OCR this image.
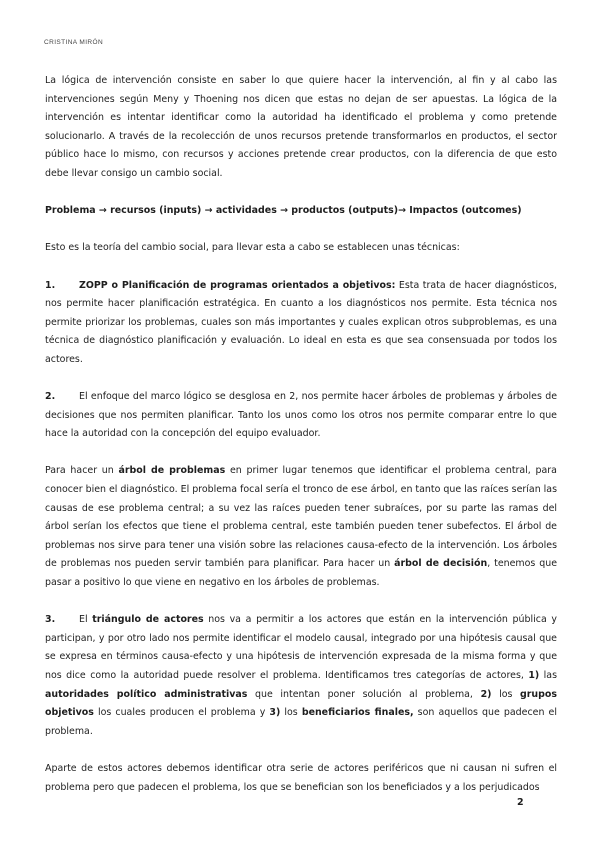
CRISTINA MIRÓN

La lógica de intervención consiste en saber lo que quiere hacer la intervención, al fin y al cabo las intervenciones según Meny y Thoening nos dicen que estas no dejan de ser apuestas. La lógica de la intervención es intentar identificar como la autoridad ha identificado el problema y como pretende solucionarlo. A través de la recolección de unos recursos pretende transformarlos en productos, el sector público hace lo mismo, con recursos y acciones pretende crear productos, con la diferencia de que esto debe llevar consigo un cambio social.

Problema → recursos (inputs) → actividades → productos (outputs)→ Impactos (outcomes)

Esto es la teoría del cambio social, para llevar esta a cabo se establecen unas técnicas:

1.	ZOPP o Planificación de programas orientados a objetivos: Esta trata de hacer diagnósticos, nos permite hacer planificación estratégica. En cuanto a los diagnósticos nos permite. Esta técnica nos permite priorizar los problemas, cuales son más importantes y cuales explican otros subproblemas, es una técnica de diagnóstico planificación y evaluación. Lo ideal en esta es que sea consensuada por todos los actores.

2.	El enfoque del marco lógico se desglosa en 2, nos permite hacer árboles de problemas y árboles de decisiones que nos permiten planificar. Tanto los unos como los otros nos permite comparar entre lo que hace la autoridad con la concepción del equipo evaluador.

Para hacer un árbol de problemas en primer lugar tenemos que identificar el problema central, para conocer bien el diagnóstico. El problema focal sería el tronco de ese árbol, en tanto que las raíces serían las causas de ese problema central; a su vez las raíces pueden tener subraíces, por su parte las ramas del árbol serían los efectos que tiene el problema central, este también pueden tener subefectos. El árbol de problemas nos sirve para tener una visión sobre las relaciones causa-efecto de la intervención. Los árboles de problemas nos pueden servir también para planificar. Para hacer un árbol de decisión, tenemos que pasar a positivo lo que viene en negativo en los árboles de problemas.

3.	El triángulo de actores nos va a permitir a los actores que están en la intervención pública y participan, y por otro lado nos permite identificar el modelo causal, integrado por una hipótesis causal que se expresa en términos causa-efecto y una hipótesis de intervención expresada de la misma forma y que nos dice como la autoridad puede resolver el problema. Identificamos tres categorías de actores, 1) las autoridades político administrativas que intentan poner solución al problema, 2) los grupos objetivos los cuales producen el problema y 3) los beneficiarios finales, son aquellos que padecen el problema.

Aparte de estos actores debemos identificar otra serie de actores periféricos que ni causan ni sufren el problema pero que padecen el problema, los que se benefician son los beneficiados y a los perjudicados

2
